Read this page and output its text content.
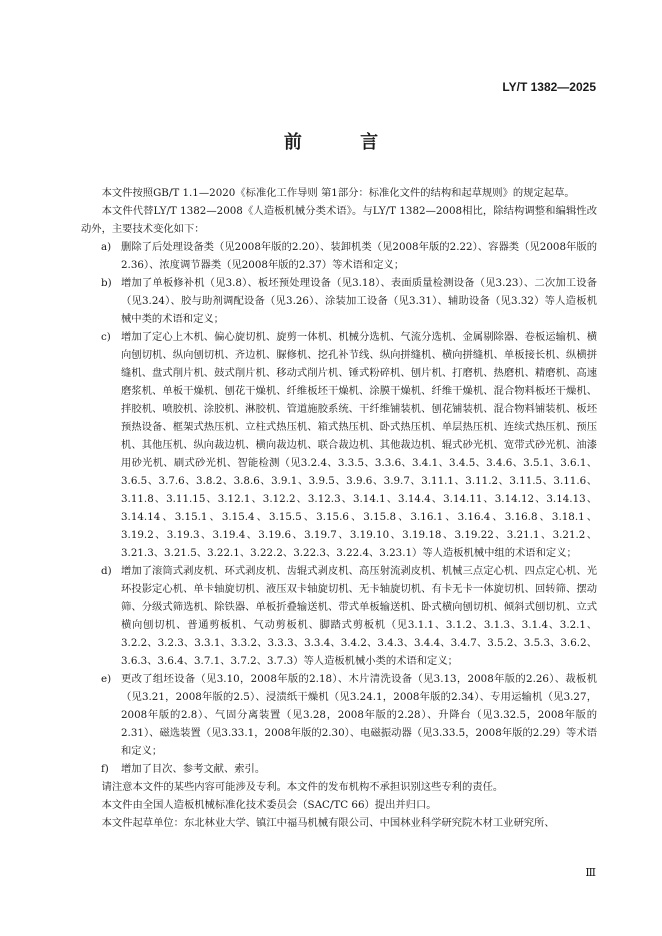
LY/T 1382—2025
前 言

本文件按照GB/T 1.1—2020《标准化工作导则 第1部分：标准化文件的结构和起草规则》的规定起草。

本文件代替LY/T 1382—2008《人造板机械分类术语》。与LY/T 1382—2008相比，除结构调整和编辑性改动外，主要技术变化如下：

a) 删除了后处理设备类（见2008年版的2.20）、装卸机类（见2008年版的2.22）、容器类（见2008年版的2.36）、浓度调节器类（见2008年版的2.37）等术语和定义；

b) 增加了单板修补机（见3.8）、板坯预处理设备（见3.18）、表面质量检测设备（见3.23）、二次加工设备（见3.24）、胶与助剂调配设备（见3.26）、涂装加工设备（见3.31）、辅助设备（见3.32）等人造板机械中类的术语和定义；

c) 增加了定心上木机、偏心旋切机、旋剪一体机、机械分选机、气流分选机、金属剔除器、卷板运输机、横向刨切机、纵向刨切机、齐边机、脲修机、挖孔补节线、纵向拼缝机、横向拼缝机、单板接长机、纵横拼缝机、盘式削片机、鼓式削片机、移动式削片机、锤式粉碎机、刨片机、打磨机、热磨机、精磨机、高速磨浆机、单板干燥机、刨花干燥机、纤维板坯干燥机、涂膜干燥机、纤维干燥机、混合物料板坯干燥机、拌胶机、喷胶机、涂胶机、淋胶机、管道施胶系统、干纤维铺装机、刨花铺装机、混合物料铺装机、板坯预热设备、框架式热压机、立柱式热压机、箱式热压机、卧式热压机、单层热压机、连续式热压机、预压机、其他压机、纵向裁边机、横向裁边机、联合裁边机、其他裁边机、辊式砂光机、宽带式砂光机、油漆用砂光机、刷式砂光机、智能检测（见3.2.4、3.3.5、3.3.6、3.4.1、3.4.5、3.4.6、3.5.1、3.6.1、3.6.5、3.7.6、3.8.2、3.8.6、3.9.1、3.9.5、3.9.6、3.9.7、3.11.1、3.11.2、3.11.5、3.11.6、3.11.8、3.11.15、3.12.1、3.12.2、3.12.3、3.14.1、3.14.4、3.14.11、3.14.12、3.14.13、3.14.14、3.15.1、3.15.4、3.15.5、3.15.6、3.15.8、3.16.1、3.16.4、3.16.8、3.18.1、3.19.2、3.19.3、3.19.4、3.19.6、3.19.7、3.19.10、3.19.18、3.19.22、3.21.1、3.21.2、3.21.3、3.21.5、3.22.1、3.22.2、3.22.3、3.22.4、3.23.1）等人造板机械中组的术语和定义；

d) 增加了滚筒式剥皮机、环式剥皮机、齿辊式剥皮机、高压射流剥皮机、机械三点定心机、四点定心机、光环投影定心机、单卡轴旋切机、液压双卡轴旋切机、无卡轴旋切机、有卡无卡一体旋切机、回转筛、摆动筛、分级式筛选机、除铁器、单板折叠输送机、带式单板输送机、卧式横向刨切机、倾斜式刨切机、立式横向刨切机、普通剪板机、气动剪板机、脚踏式剪板机（见3.1.1、3.1.2、3.1.3、3.1.4、3.2.1、3.2.2、3.2.3、3.3.1、3.3.2、3.3.3、3.3.4、3.4.2、3.4.3、3.4.4、3.4.7、3.5.2、3.5.3、3.6.2、3.6.3、3.6.4、3.7.1、3.7.2、3.7.3）等人造板机械小类的术语和定义；

e) 更改了组坯设备（见3.10，2008年版的2.18）、木片清洗设备（见3.13，2008年版的2.26）、裁板机（见3.21，2008年版的2.5）、浸渍纸干燥机（见3.24.1，2008年版的2.34）、专用运输机（见3.27，2008年版的2.8）、气固分离装置（见3.28，2008年版的2.28）、升降台（见3.32.5，2008年版的2.31）、磁选装置（见3.33.1，2008年版的2.30）、电磁振动器（见3.33.5，2008年版的2.29）等术语和定义；

f) 增加了目次、参考文献、索引。

请注意本文件的某些内容可能涉及专利。本文件的发布机构不承担识别这些专利的责任。

本文件由全国人造板机械标准化技术委员会（SAC/TC 66）提出并归口。

本文件起草单位：东北林业大学、镇江中福马机械有限公司、中国林业科学研究院木材工业研究所、

Ⅲ
